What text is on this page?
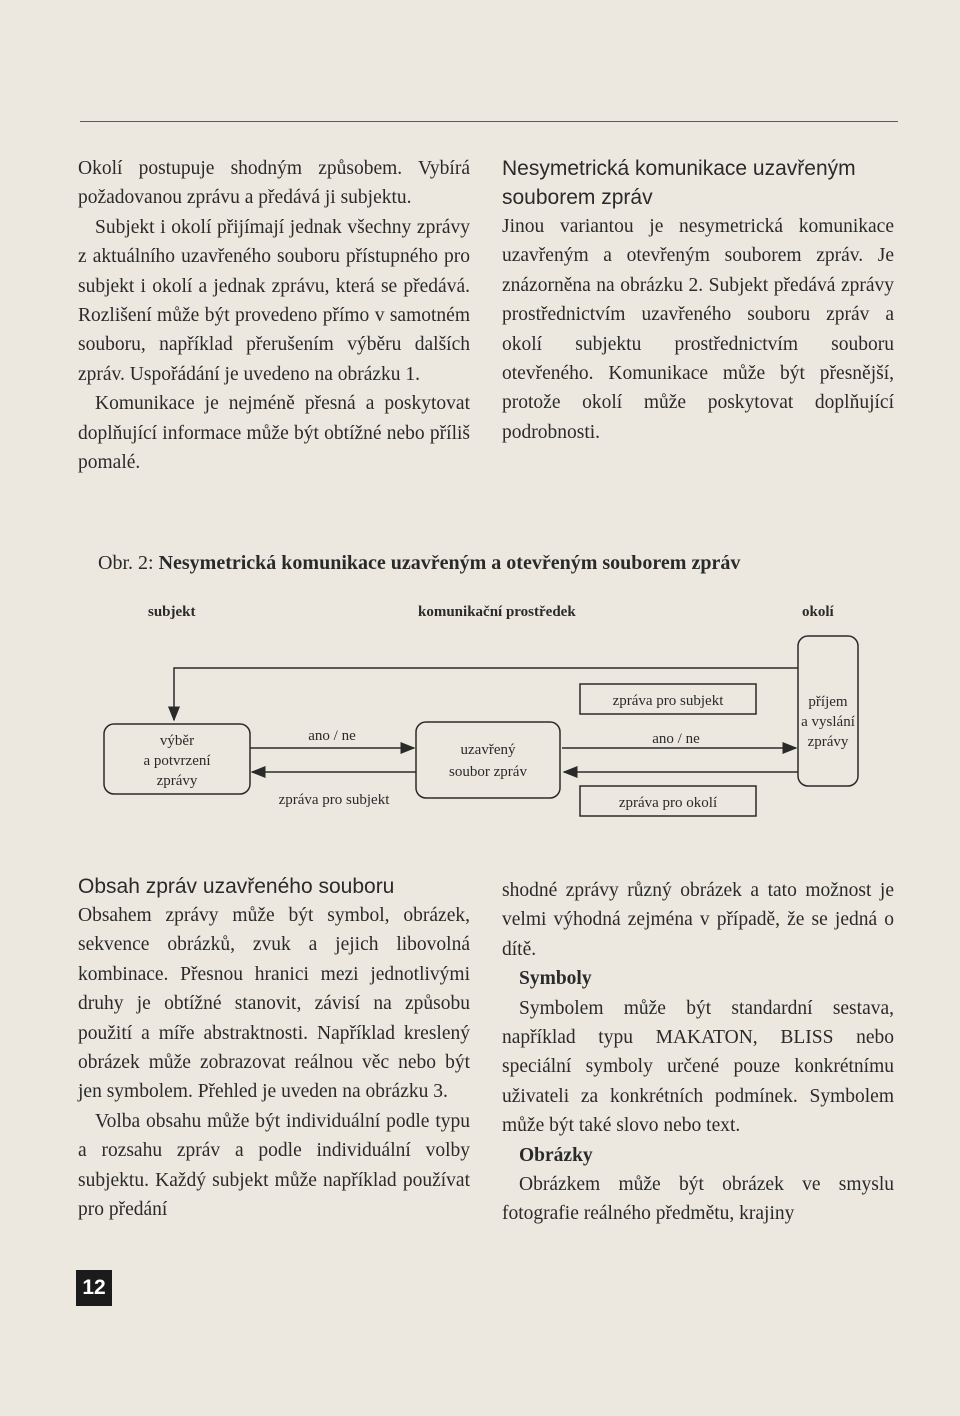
Okolí postupuje shodným způsobem. Vybírá požadovanou zprávu a předává ji subjektu.

Subjekt i okolí přijímají jednak všechny zprávy z aktuálního uzavřeného souboru přístupného pro subjekt i okolí a jednak zprávu, která se předává. Rozlišení může být provedeno přímo v samotném souboru, například přerušením výběru dalších zpráv. Uspořádání je uvedeno na obrázku 1.

Komunikace je nejméně přesná a poskytovat doplňující informace může být obtížné nebo příliš pomalé.

Nesymetrická komunikace uzavřeným souborem zpráv

Jinou variantou je nesymetrická komunikace uzavřeným a otevřeným souborem zpráv. Je znázorněna na obrázku 2. Subjekt předává zprávy prostřednictvím uzavřeného souboru zpráv a okolí subjektu prostřednictvím souboru otevřeného. Komunikace může být přesnější, protože okolí může poskytovat doplňující podrobnosti.

Obr. 2: Nesymetrická komunikace uzavřeným a otevřeným souborem zpráv
subjekt	komunikační prostředek	okolí
výběr
a potvrzení
zprávy
uzavřený
soubor zpráv
ano / ne
zpráva pro subjekt
příjem
a vyslání
zprávy
zpráva pro subjekt
ano / ne
zpráva pro okolí
Obsah zpráv uzavřeného souboru

Obsahem zprávy může být symbol, obrázek, sekvence obrázků, zvuk a jejich libovolná kombinace. Přesnou hranici mezi jednotlivými druhy je obtížné stanovit, závisí na způsobu použití a míře abstraktnosti. Například kreslený obrázek může zobrazovat reálnou věc nebo být jen symbolem. Přehled je uveden na obrázku 3.

Volba obsahu může být individuální podle typu a rozsahu zpráv a podle individuální volby subjektu. Každý subjekt může například používat pro předání

shodné zprávy různý obrázek a tato možnost je velmi výhodná zejména v případě, že se jedná o dítě.

Symboly

Symbolem může být standardní sestava, například typu MAKATON, BLISS nebo speciální symboly určené pouze konkrétnímu uživateli za konkrétních podmínek. Symbolem může být také slovo nebo text.

Obrázky

Obrázkem může být obrázek ve smyslu fotografie reálného předmětu, krajiny

12
